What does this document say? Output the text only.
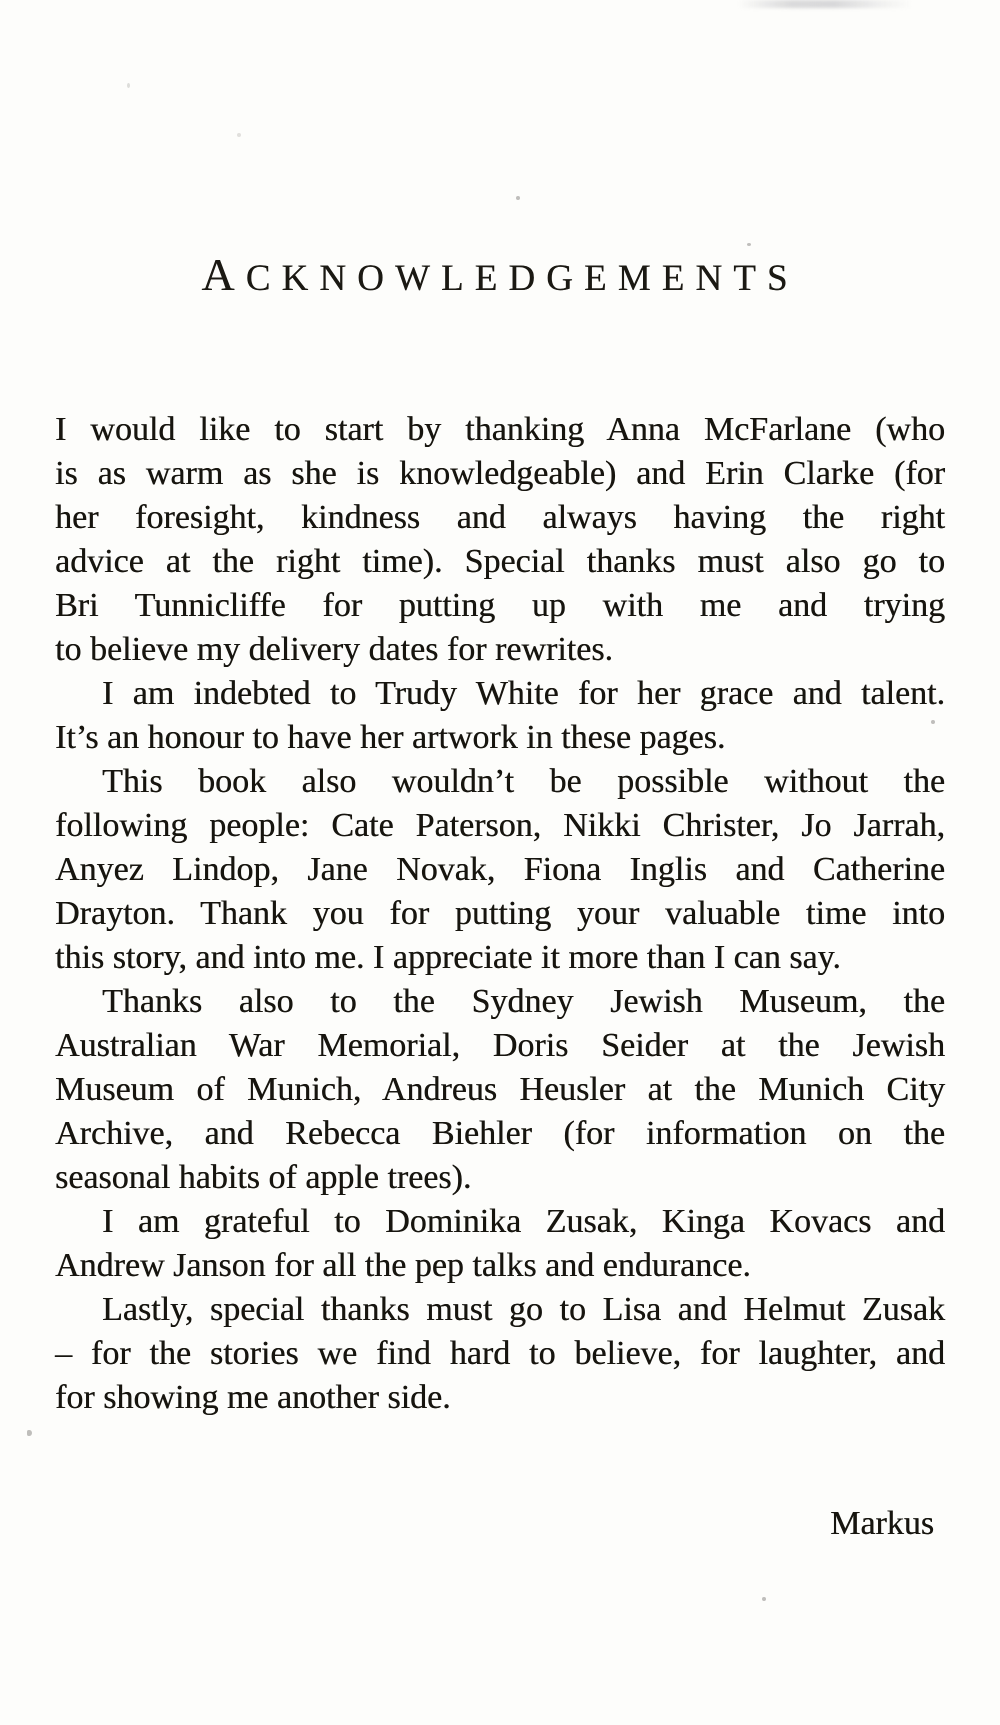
ACKNOWLEDGEMENTS
I would like to start by thanking Anna McFarlane (who
is as warm as she is knowledgeable) and Erin Clarke (for
her foresight, kindness and always having the right
advice at the right time). Special thanks must also go to
Bri Tunnicliffe for putting up with me and trying
to believe my delivery dates for rewrites.
I am indebted to Trudy White for her grace and talent.
It’s an honour to have her artwork in these pages.
This book also wouldn’t be possible without the
following people: Cate Paterson, Nikki Christer, Jo Jarrah,
Anyez Lindop, Jane Novak, Fiona Inglis and Catherine
Drayton. Thank you for putting your valuable time into
this story, and into me. I appreciate it more than I can say.
Thanks also to the Sydney Jewish Museum, the
Australian War Memorial, Doris Seider at the Jewish
Museum of Munich, Andreus Heusler at the Munich City
Archive, and Rebecca Biehler (for information on the
seasonal habits of apple trees).
I am grateful to Dominika Zusak, Kinga Kovacs and
Andrew Janson for all the pep talks and endurance.
Lastly, special thanks must go to Lisa and Helmut Zusak
– for the stories we find hard to believe, for laughter, and
for showing me another side.
Markus
